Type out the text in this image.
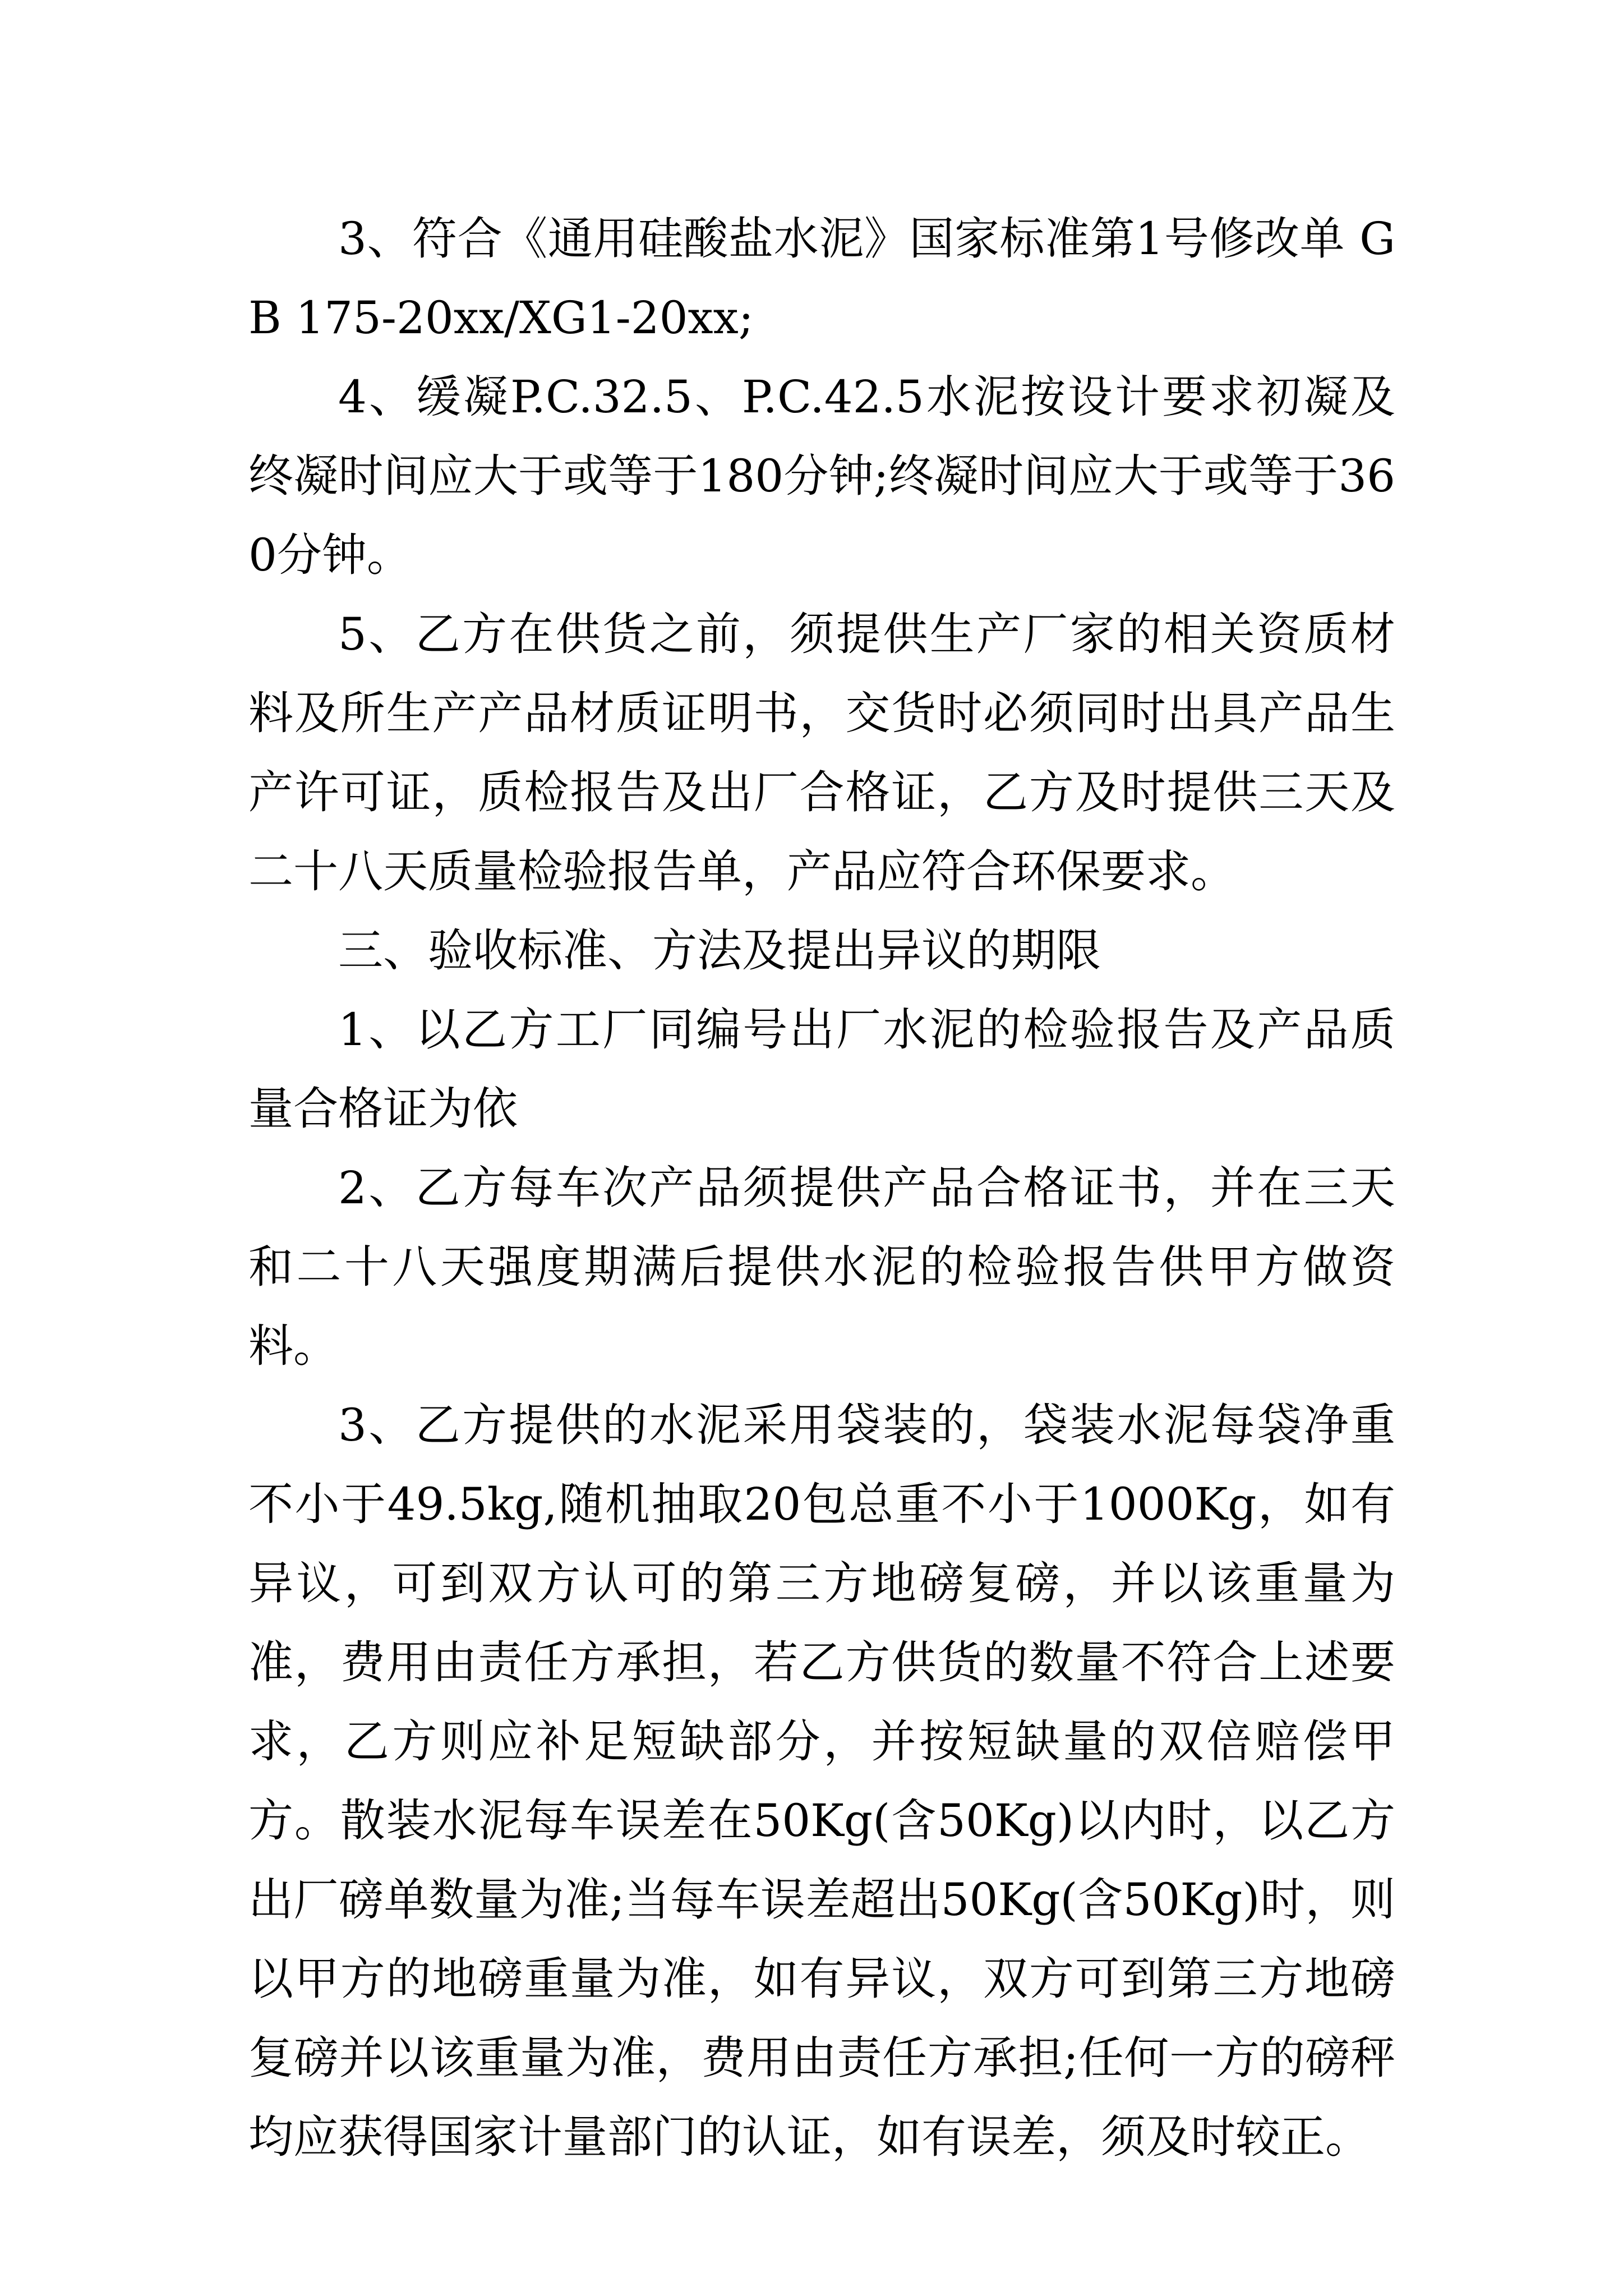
3、符合《通用硅酸盐水泥》国家标准第1号修改单 GB 175-20xx/XG1-20xx;

4、缓凝P.C.32.5、P.C.42.5水泥按设计要求初凝及终凝时间应大于或等于180分钟;终凝时间应大于或等于360分钟。

5、乙方在供货之前，须提供生产厂家的相关资质材料及所生产产品材质证明书，交货时必须同时出具产品生产许可证，质检报告及出厂合格证，乙方及时提供三天及二十八天质量检验报告单，产品应符合环保要求。

三、验收标准、方法及提出异议的期限

1、以乙方工厂同编号出厂水泥的检验报告及产品质量合格证为依

2、乙方每车次产品须提供产品合格证书，并在三天和二十八天强度期满后提供水泥的检验报告供甲方做资料。

3、乙方提供的水泥采用袋装的，袋装水泥每袋净重不小于49.5kg,随机抽取20包总重不小于1000Kg，如有异议，可到双方认可的第三方地磅复磅，并以该重量为准，费用由责任方承担，若乙方供货的数量不符合上述要求，乙方则应补足短缺部分，并按短缺量的双倍赔偿甲方。散装水泥每车误差在50Kg(含50Kg)以内时，以乙方出厂磅单数量为准;当每车误差超出50Kg(含50Kg)时，则以甲方的地磅重量为准，如有异议，双方可到第三方地磅复磅并以该重量为准，费用由责任方承担;任何一方的磅秤均应获得国家计量部门的认证，如有误差，须及时较正。
